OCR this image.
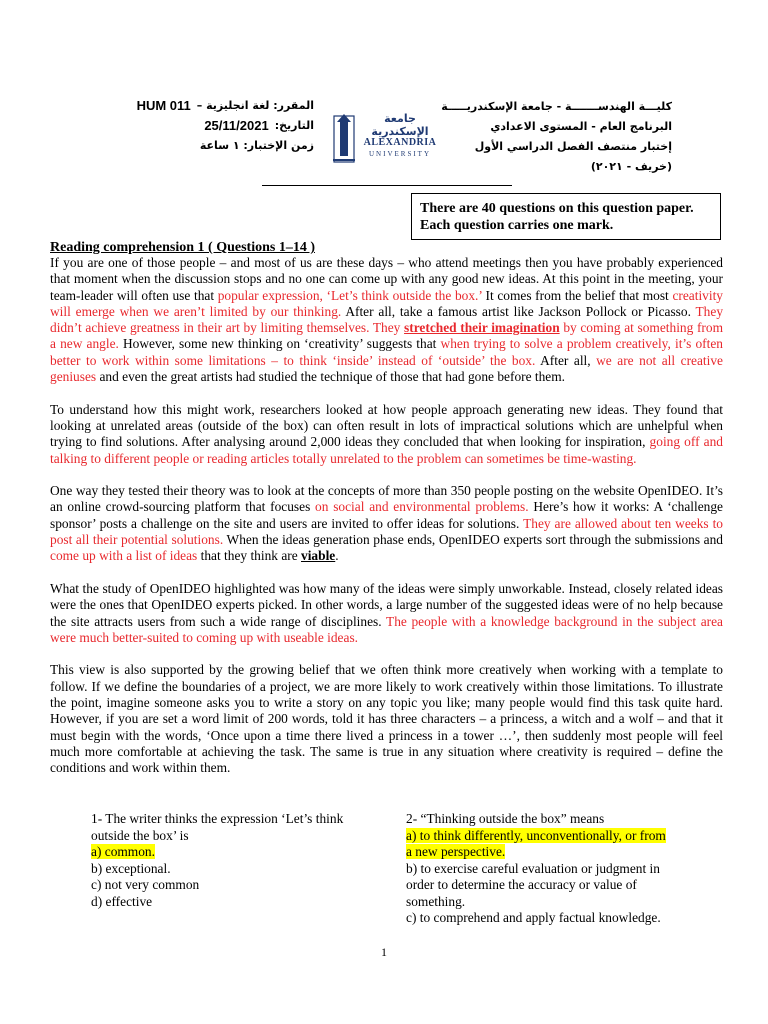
كليـــة الهندســـــــة - جامعة الإسكندريـــــة
البرنامج العام - المستوى الاعدادي
إختبار منتصف الفصل الدراسي الأول
(خريف - ٢٠٢١)
جامعة الإسكندرية
ALEXANDRIA
UNIVERSITY
HUM 011 المقرر: لغة انجليزية –
25/11/2021 التاريخ:
زمن الإختبار: ١ ساعة
There are 40 questions on this question paper.
Each question carries one mark.
Reading comprehension 1 ( Questions 1–14 )

If you are one of those people – and most of us are these days – who attend meetings then you have probably experienced that moment when the discussion stops and no one can come up with any good new ideas. At this point in the meeting, your team-leader will often use that popular expression, ‘Let’s think outside the box.’ It comes from the belief that most creativity will emerge when we aren’t limited by our thinking. After all, take a famous artist like Jackson Pollock or Picasso. They didn’t achieve greatness in their art by limiting themselves. They stretched their imagination by coming at something from a new angle. However, some new thinking on ‘creativity’ suggests that when trying to solve a problem creatively, it’s often better to work within some limitations – to think ‘inside’ instead of ‘outside’ the box. After all, we are not all creative geniuses and even the great artists had studied the technique of those that had gone before them.

To understand how this might work, researchers looked at how people approach generating new ideas. They found that looking at unrelated areas (outside of the box) can often result in lots of impractical solutions which are unhelpful when trying to find solutions. After analysing around 2,000 ideas they concluded that when looking for inspiration, going off and talking to different people or reading articles totally unrelated to the problem can sometimes be time-wasting.

One way they tested their theory was to look at the concepts of more than 350 people posting on the website OpenIDEO. It’s an online crowd-sourcing platform that focuses on social and environmental problems. Here’s how it works: A ‘challenge sponsor’ posts a challenge on the site and users are invited to offer ideas for solutions. They are allowed about ten weeks to post all their potential solutions. When the ideas generation phase ends, OpenIDEO experts sort through the submissions and come up with a list of ideas that they think are viable.

What the study of OpenIDEO highlighted was how many of the ideas were simply unworkable. Instead, closely related ideas were the ones that OpenIDEO experts picked. In other words, a large number of the suggested ideas were of no help because the site attracts users from such a wide range of disciplines. The people with a knowledge background in the subject area were much better-suited to coming up with useable ideas.

This view is also supported by the growing belief that we often think more creatively when working with a template to follow. If we define the boundaries of a project, we are more likely to work creatively within those limitations. To illustrate the point, imagine someone asks you to write a story on any topic you like; many people would find this task quite hard. However, if you are set a word limit of 200 words, told it has three characters – a princess, a witch and a wolf – and that it must begin with the words, ‘Once upon a time there lived a princess in a tower …’, then suddenly most people will feel much more comfortable at achieving the task. The same is true in any situation where creativity is required – define the conditions and work within them.

1- The writer thinks the expression ‘Let’s think
outside the box’ is
a) common.
b) exceptional.
c) not very common
d) effective
2- “Thinking outside the box” means
a) to think differently, unconventionally, or from
a new perspective.
b) to exercise careful evaluation or judgment in
order to determine the accuracy or value of
something.
c) to comprehend and apply factual knowledge.
1
